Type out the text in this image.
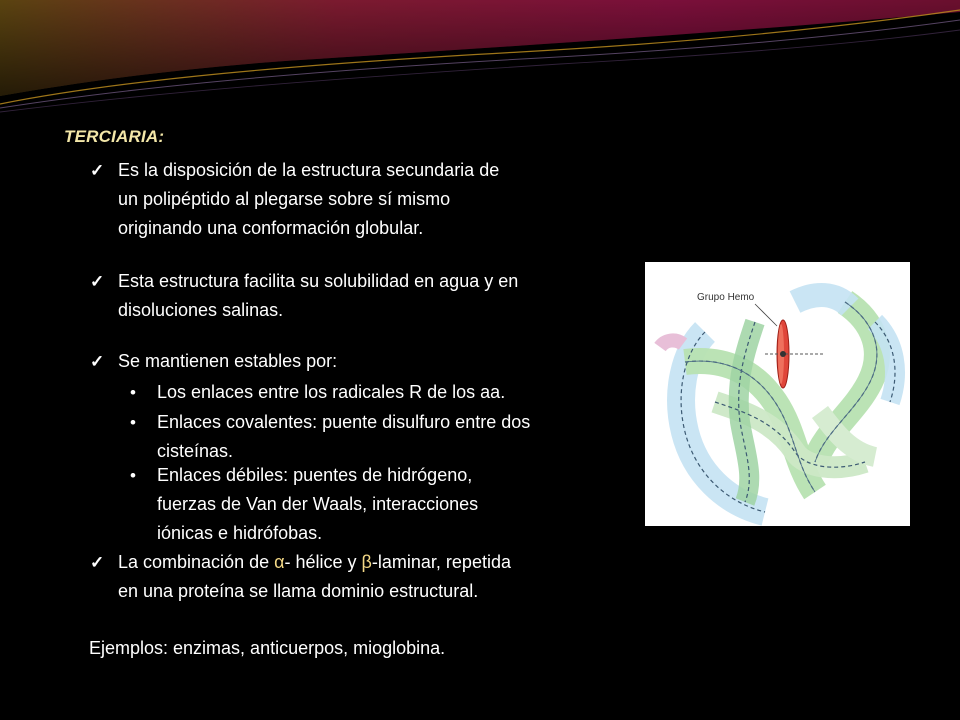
TERCIARIA:
✓ Es la disposición de la estructura secundaria de
un polipéptido al plegarse sobre sí mismo
originando una conformación globular.
✓ Esta estructura facilita su solubilidad en agua y en
disoluciones salinas.
✓ Se mantienen estables por:
• Los enlaces entre los radicales R de los aa.
• Enlaces covalentes: puente disulfuro entre dos
cisteínas.
• Enlaces débiles: puentes de hidrógeno,
fuerzas de Van der Waals, interacciones
iónicas e hidrófobas.
✓ La combinación de α- hélice y β-laminar, repetida
en una proteína se llama dominio estructural.
Ejemplos: enzimas, anticuerpos, mioglobina.
Grupo Hemo
